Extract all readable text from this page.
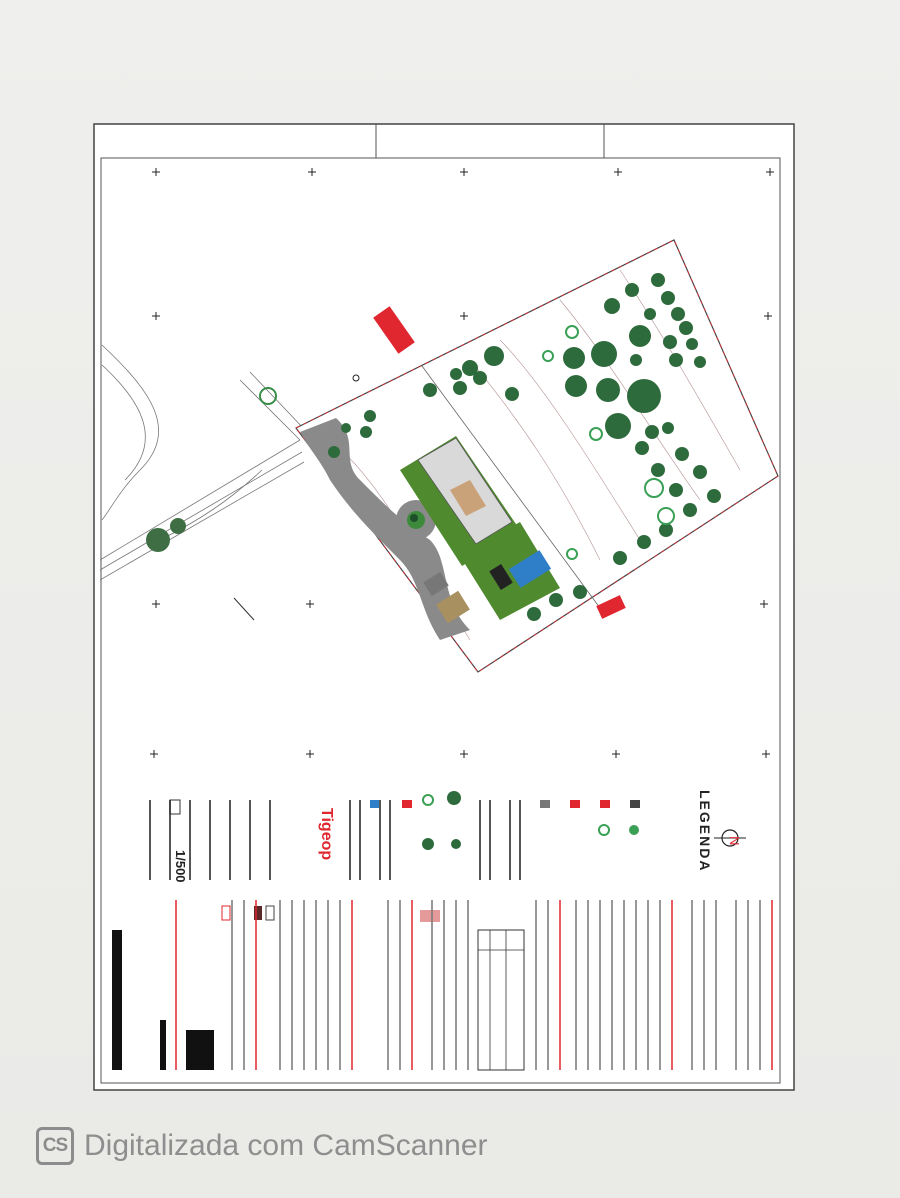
LEGENDA N
Tigeop
1/500
CS Digitalizada com CamScanner
